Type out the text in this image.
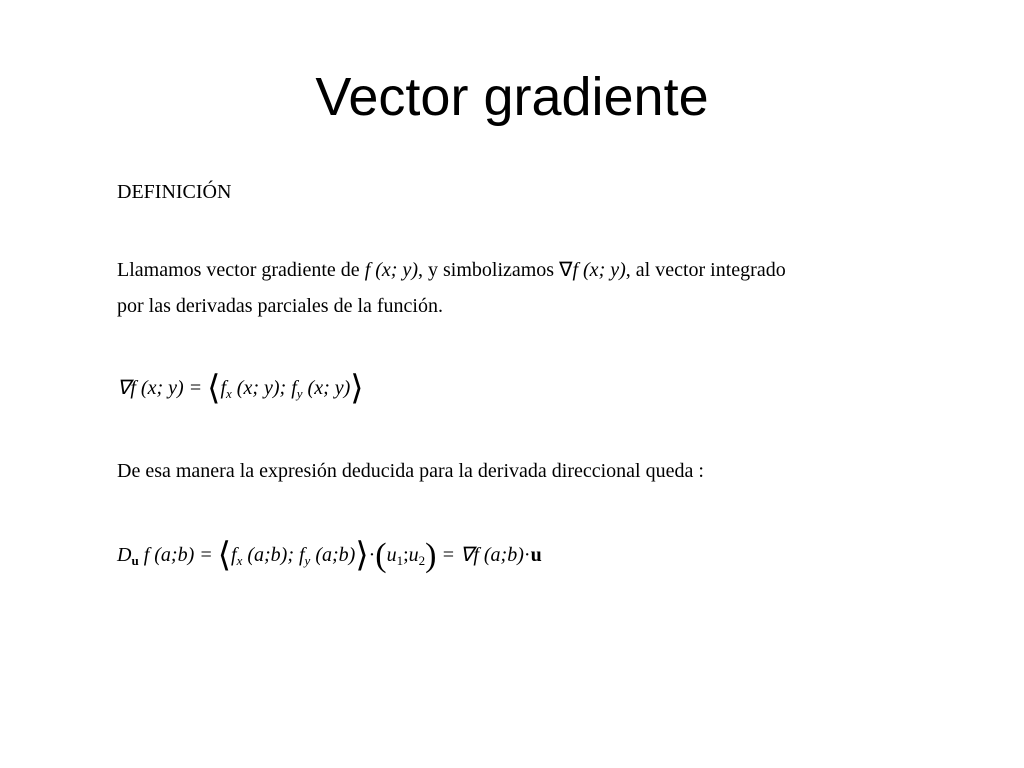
Vector gradiente
DEFINICIÓN
Llamamos vector gradiente de f (x; y), y simbolizamos ∇f (x; y), al vector integrado
por las derivadas parciales de la función.
∇f (x; $y) = ⟨f_x$ (x; y); $f_y$ (x; y)⟩
De esa manera la expresión deducida para la derivada direccional queda :
$D_u$ f (a;b) = $⟨f_x$ (a;b); $f_y$ $(a;b)⟩\cdot(u_1;u_2) = \nabla f$ (a;b)·u
